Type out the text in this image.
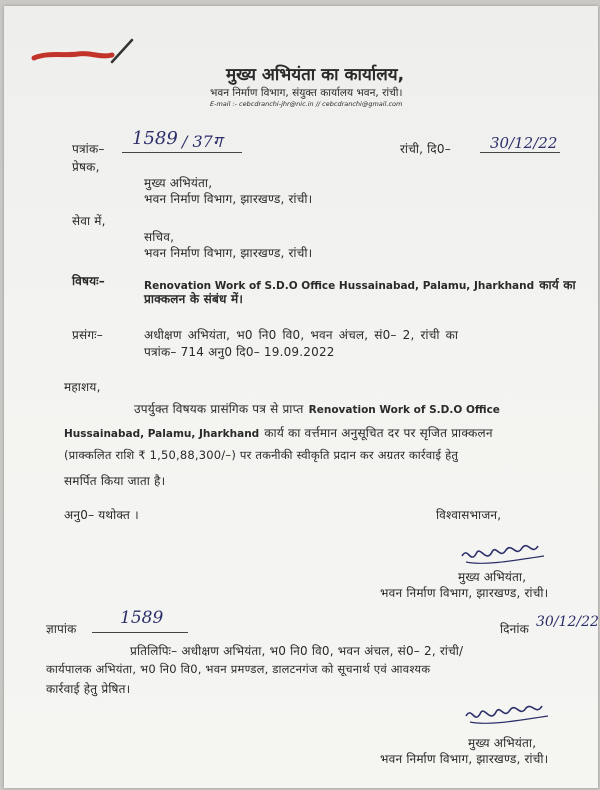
मुख्य अभियंता का कार्यालय,
भवन निर्माण विभाग, संयुक्त कार्यालय भवन, रांची।
E-mail :- cebcdranchi-jhr@nic.in // cebcdranchi@gmail.com
पत्रांक– 1589 / 37ग	रांची, दि0–	30/12/22
प्रेषक,
मुख्य अभियंता,
भवन निर्माण विभाग, झारखण्ड, रांची।
सेवा में,
सचिव,
भवन निर्माण विभाग, झारखण्ड, रांची।
विषयः–	Renovation Work of S.D.O Office Hussainabad, Palamu, Jharkhand कार्य का
प्राक्कलन के संबंध में।
प्रसंगः–	अधीक्षण अभियंता, भ0 नि0 वि0, भवन अंचल, सं0– 2, रांची का
पत्रांक– 714 अनु0 दि0– 19.09.2022
महाशय,
उपर्युक्त विषयक प्रासंगिक पत्र से प्राप्त Renovation Work of S.D.O Office
Hussainabad, Palamu, Jharkhand कार्य का वर्त्तमान अनुसूचित दर पर सृजित प्राक्कलन
(प्राक्कलित राशि ₹ 1,50,88,300/–) पर तकनीकी स्वीकृति प्रदान कर अग्रतर कार्रवाई हेतु
समर्पित किया जाता है।
अनु0– यथोक्त ।	विश्वासभाजन,
मुख्य अभियंता,
भवन निर्माण विभाग, झारखण्ड, रांची।
ज्ञापांक
1589
दिनांक 30/12/22
प्रतिलिपिः– अधीक्षण अभियंता, भ0 नि0 वि0, भवन अंचल, सं0– 2, रांची/
कार्यपालक अभियंता, भ0 नि0 वि0, भवन प्रमण्डल, डालटनगंज को सूचनार्थ एवं आवश्यक
कार्रवाई हेतु प्रेषित।
मुख्य अभियंता,
भवन निर्माण विभाग, झारखण्ड, रांची।
